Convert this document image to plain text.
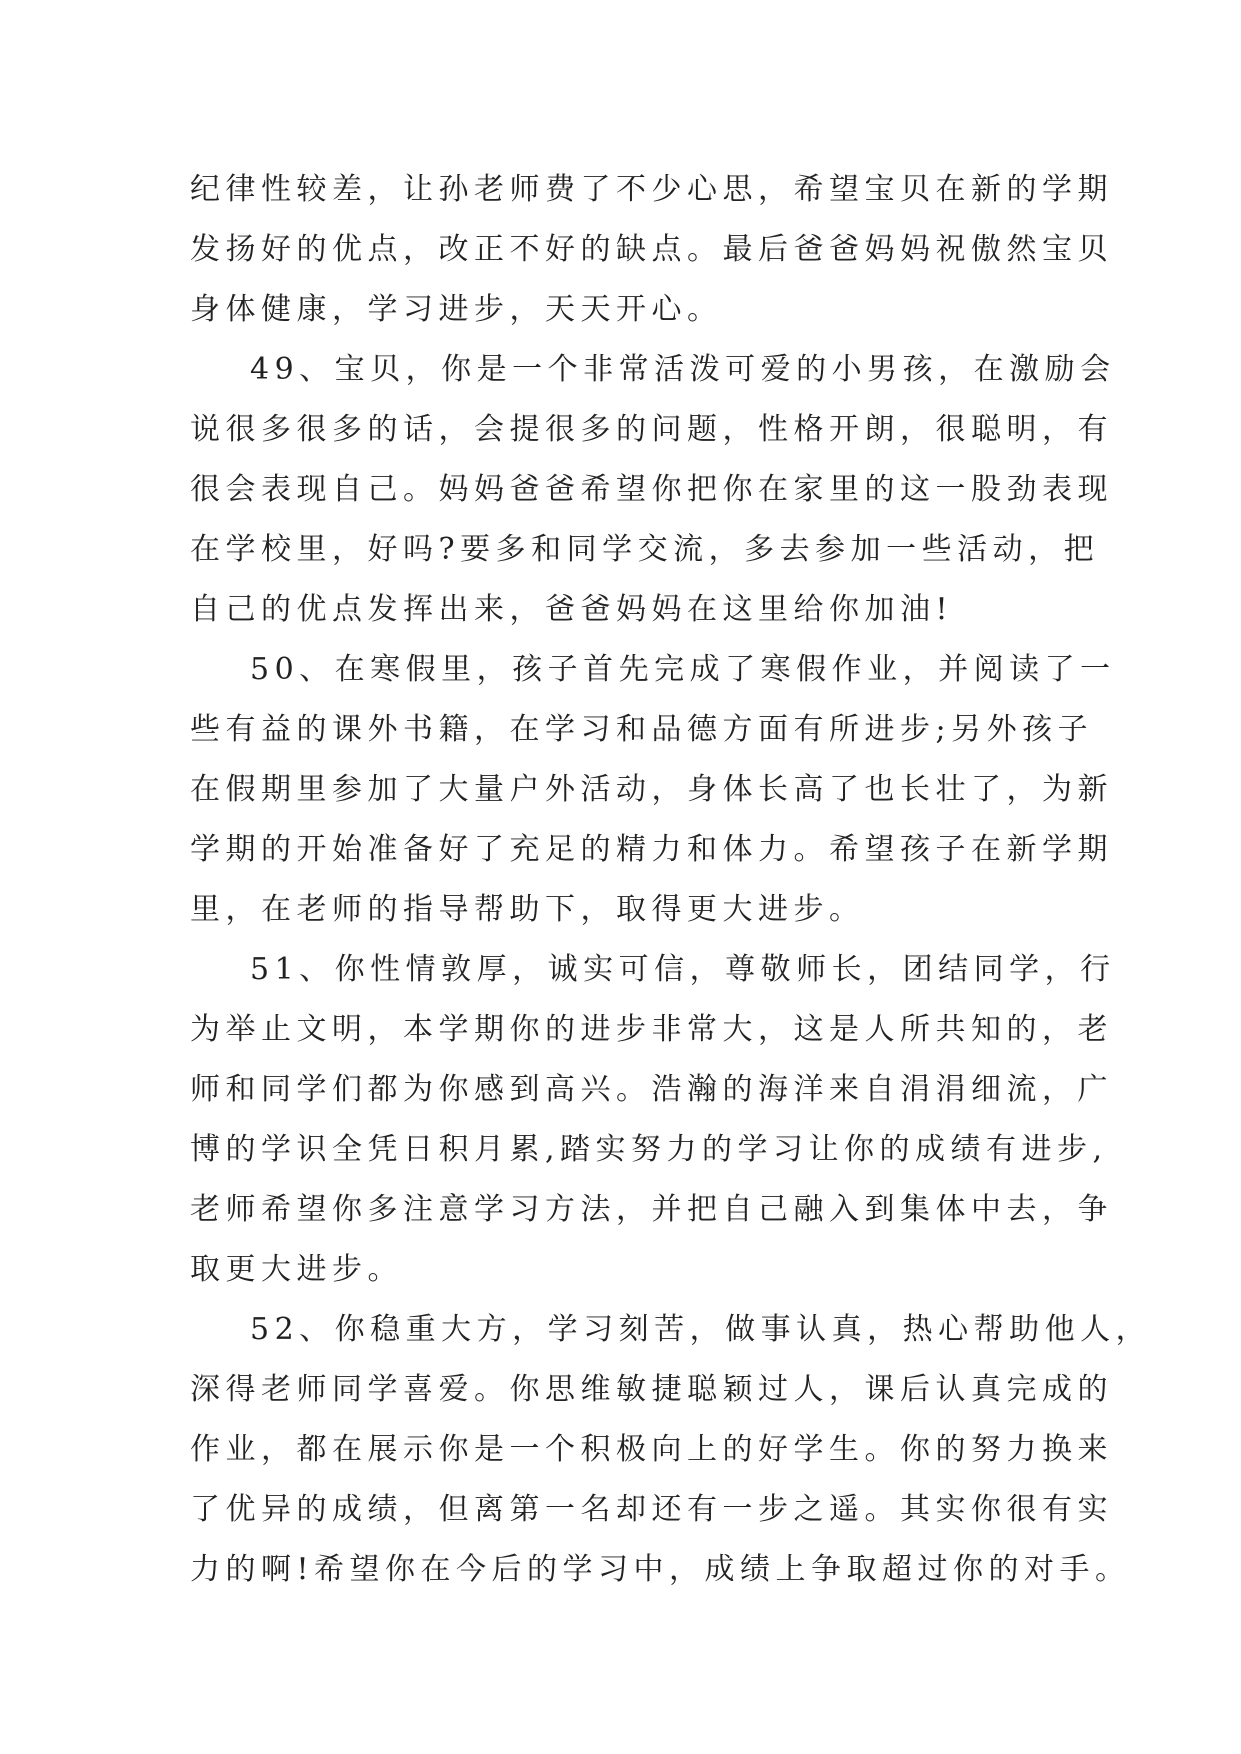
纪律性较差，让孙老师费了不少心思，希望宝贝在新的学期
发扬好的优点，改正不好的缺点。最后爸爸妈妈祝傲然宝贝
身体健康，学习进步，天天开心。
49、宝贝，你是一个非常活泼可爱的小男孩，在激励会
说很多很多的话，会提很多的问题，性格开朗，很聪明，有
很会表现自己。妈妈爸爸希望你把你在家里的这一股劲表现
在学校里，好吗?要多和同学交流，多去参加一些活动，把
自己的优点发挥出来，爸爸妈妈在这里给你加油!
50、在寒假里，孩子首先完成了寒假作业，并阅读了一
些有益的课外书籍，在学习和品德方面有所进步;另外孩子
在假期里参加了大量户外活动，身体长高了也长壮了，为新
学期的开始准备好了充足的精力和体力。希望孩子在新学期
里，在老师的指导帮助下，取得更大进步。
51、你性情敦厚，诚实可信，尊敬师长，团结同学，行
为举止文明，本学期你的进步非常大，这是人所共知的，老
师和同学们都为你感到高兴。浩瀚的海洋来自涓涓细流，广
博的学识全凭日积月累,踏实努力的学习让你的成绩有进步,
老师希望你多注意学习方法，并把自己融入到集体中去，争
取更大进步。
52、你稳重大方，学习刻苦，做事认真，热心帮助他人，
深得老师同学喜爱。你思维敏捷聪颖过人，课后认真完成的
作业，都在展示你是一个积极向上的好学生。你的努力换来
了优异的成绩，但离第一名却还有一步之遥。其实你很有实
力的啊!希望你在今后的学习中，成绩上争取超过你的对手。
